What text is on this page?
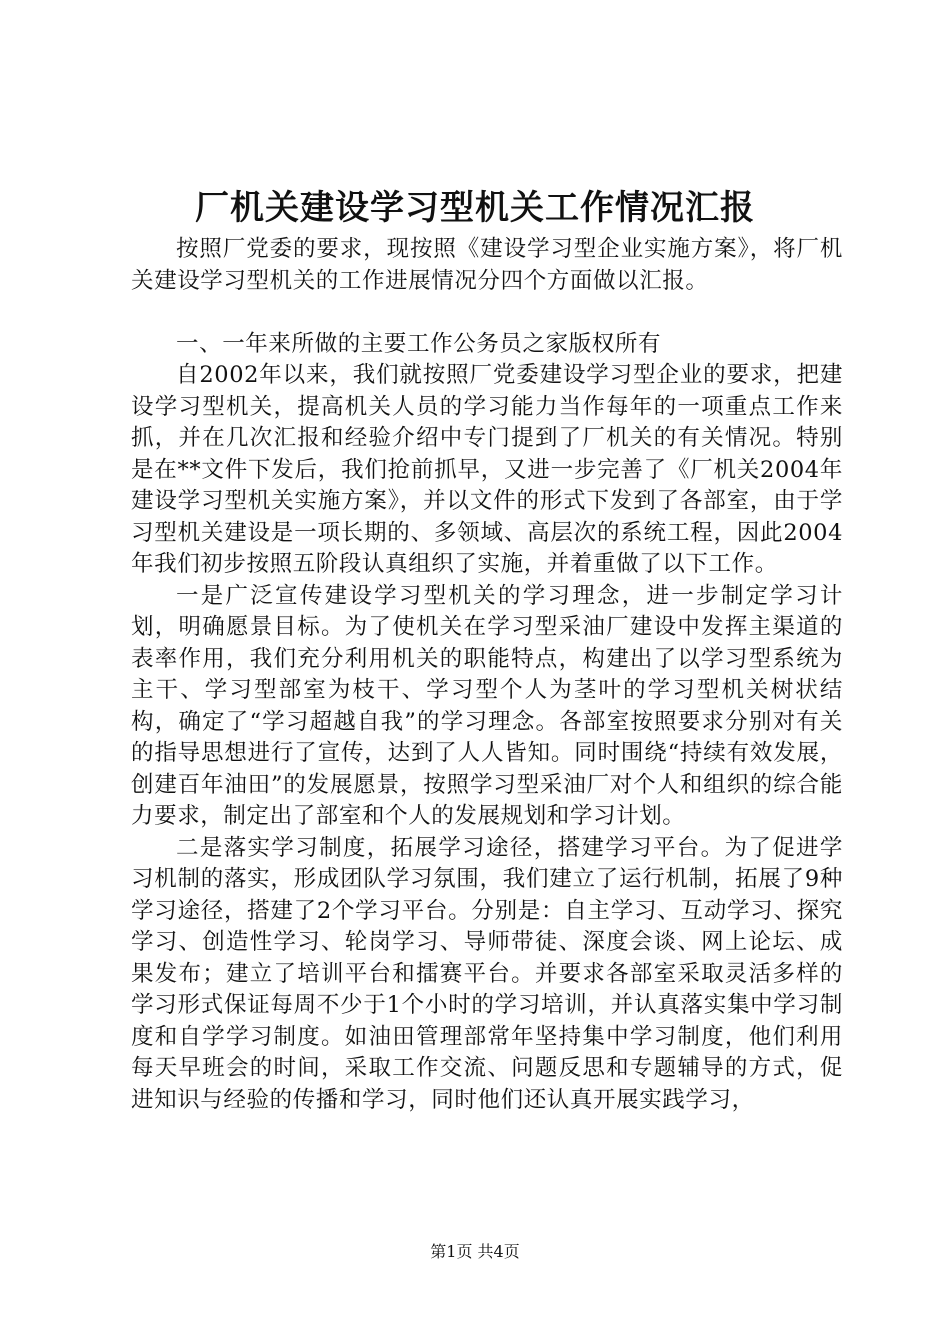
厂机关建设学习型机关工作情况汇报

按照厂党委的要求，现按照《建设学习型企业实施方案》，将厂机关建设学习型机关的工作进展情况分四个方面做以汇报。

一、一年来所做的主要工作公务员之家版权所有

自2002年以来，我们就按照厂党委建设学习型企业的要求，把建设学习型机关，提高机关人员的学习能力当作每年的一项重点工作来抓，并在几次汇报和经验介绍中专门提到了厂机关的有关情况。特别是在**文件下发后，我们抢前抓早，又进一步完善了《厂机关2004年建设学习型机关实施方案》，并以文件的形式下发到了各部室，由于学习型机关建设是一项长期的、多领域、高层次的系统工程，因此2004年我们初步按照五阶段认真组织了实施，并着重做了以下工作。

一是广泛宣传建设学习型机关的学习理念，进一步制定学习计划，明确愿景目标。为了使机关在学习型采油厂建设中发挥主渠道的表率作用，我们充分利用机关的职能特点，构建出了以学习型系统为主干、学习型部室为枝干、学习型个人为茎叶的学习型机关树状结构，确定了“学习超越自我”的学习理念。各部室按照要求分别对有关的指导思想进行了宣传，达到了人人皆知。同时围绕“持续有效发展，创建百年油田”的发展愿景，按照学习型采油厂对个人和组织的综合能力要求，制定出了部室和个人的发展规划和学习计划。

二是落实学习制度，拓展学习途径，搭建学习平台。为了促进学习机制的落实，形成团队学习氛围，我们建立了运行机制，拓展了9种学习途径，搭建了2个学习平台。分别是：自主学习、互动学习、探究学习、创造性学习、轮岗学习、导师带徒、深度会谈、网上论坛、成果发布；建立了培训平台和擂赛平台。并要求各部室采取灵活多样的学习形式保证每周不少于1个小时的学习培训，并认真落实集中学习制度和自学学习制度。如油田管理部常年坚持集中学习制度，他们利用每天早班会的时间，采取工作交流、问题反思和专题辅导的方式，促进知识与经验的传播和学习，同时他们还认真开展实践学习，

第1页 共4页
